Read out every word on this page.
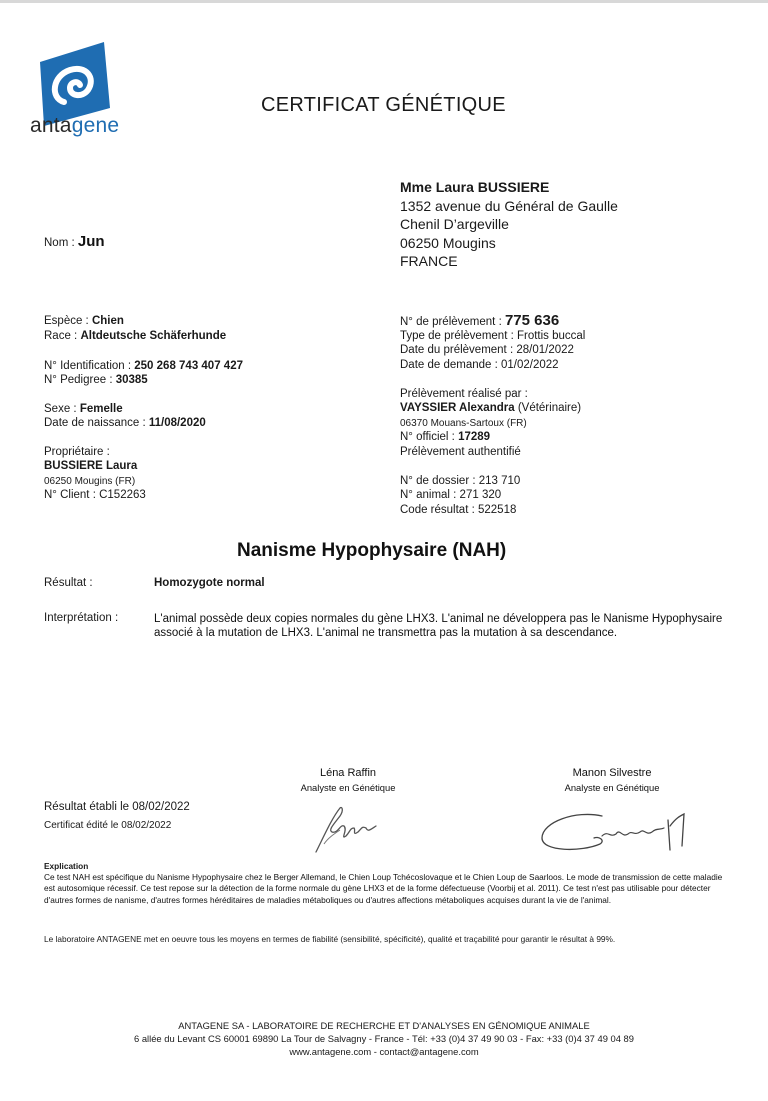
antagene
CERTIFICAT GÉNÉTIQUE
Mme Laura BUSSIERE
1352 avenue du Général de Gaulle
Chenil D’argeville
06250 Mougins
FRANCE
Nom : Jun
Espèce : Chien
Race : Altdeutsche Schäferhunde
N° Identification : 250 268 743 407 427
N° Pedigree : 30385
Sexe : Femelle
Date de naissance : 11/08/2020
Propriétaire :
BUSSIERE Laura
06250 Mougins (FR)
N° Client : C152263
N° de prélèvement : 775 636
Type de prélèvement : Frottis buccal
Date du prélèvement : 28/01/2022
Date de demande : 01/02/2022
Prélèvement réalisé par :
VAYSSIER Alexandra (Vétérinaire)
06370 Mouans-Sartoux (FR)
N° officiel : 17289
Prélèvement authentifié
N° de dossier : 213 710
N° animal : 271 320
Code résultat : 522518
Nanisme Hypophysaire (NAH)
Résultat :	Homozygote normal
Interprétation :	L'animal possède deux copies normales du gène LHX3. L'animal ne développera pas le Nanisme Hypophysaire associé à la mutation de LHX3. L'animal ne transmettra pas la mutation à sa descendance.
Léna Raffin
Analyste en Génétique
Manon Silvestre
Analyste en Génétique
Résultat établi le 08/02/2022
Certificat édité le 08/02/2022
Explication
Ce test NAH est spécifique du Nanisme Hypophysaire chez le Berger Allemand, le Chien Loup Tchécoslovaque et le Chien Loup de Saarloos. Le mode de transmission de cette maladie est autosomique récessif. Ce test repose sur la détection de la forme normale du gène LHX3 et de la forme défectueuse (Voorbij et al. 2011). Ce test n'est pas utilisable pour détecter d'autres formes de nanisme, d'autres formes héréditaires de maladies métaboliques ou d'autres affections métaboliques acquises durant la vie de l'animal.
Le laboratoire ANTAGENE met en oeuvre tous les moyens en termes de fiabilité (sensibilité, spécificité), qualité et traçabilité pour garantir le résultat à 99%.
ANTAGENE SA - LABORATOIRE DE RECHERCHE ET D'ANALYSES EN GÉNOMIQUE ANIMALE
6 allée du Levant CS 60001 69890 La Tour de Salvagny - France - Tél: +33 (0)4 37 49 90 03 - Fax: +33 (0)4 37 49 04 89
www.antagene.com - contact@antagene.com
